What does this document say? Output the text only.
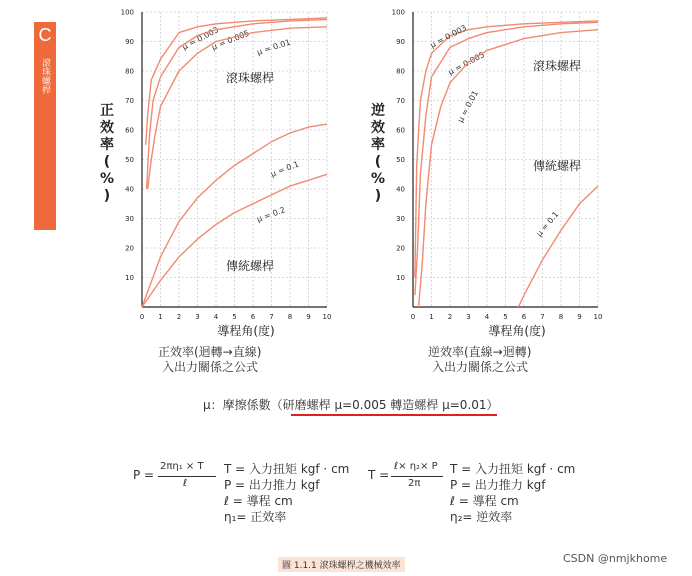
C
滾珠螺桿
0 1 2 3 4 5 6 7 8 9 10
10
20
30
40
50
60
70
80
90
100
正
效
率
(
%
)
導程角(度)
μ = 0.003
μ = 0.005 μ = 0.01
μ = 0.1
μ = 0.2
滾珠螺桿
傳統螺桿
0 1 2 3 4 5 6 7 8 9 10
10
20
30
40
50
60
70
80
90
100
逆
效
率
(
%
)
導程角(度)
μ = 0.003
μ = 0.005
μ = 0.01
μ = 0.1
滾珠螺桿
傳統螺桿
正效率(迴轉→直線)
入出力關係之公式
逆效率(直線→迴轉)
入出力關係之公式
μ：摩擦係數（研磨螺桿 μ=0.005 轉造螺桿 μ=0.01）
P =
2πη₁ × T
ℓ
T = 入力扭矩 kgf · cm
P = 出力推力 kgf
ℓ = 導程 cm
η₁= 正效率
T =
ℓ× η₂× P
2π
T = 入力扭矩 kgf · cm
P = 出力推力 kgf
ℓ = 導程 cm
η₂= 逆效率
圖 1.1.1 滾珠螺桿之機械效率
CSDN @nmjkhome
